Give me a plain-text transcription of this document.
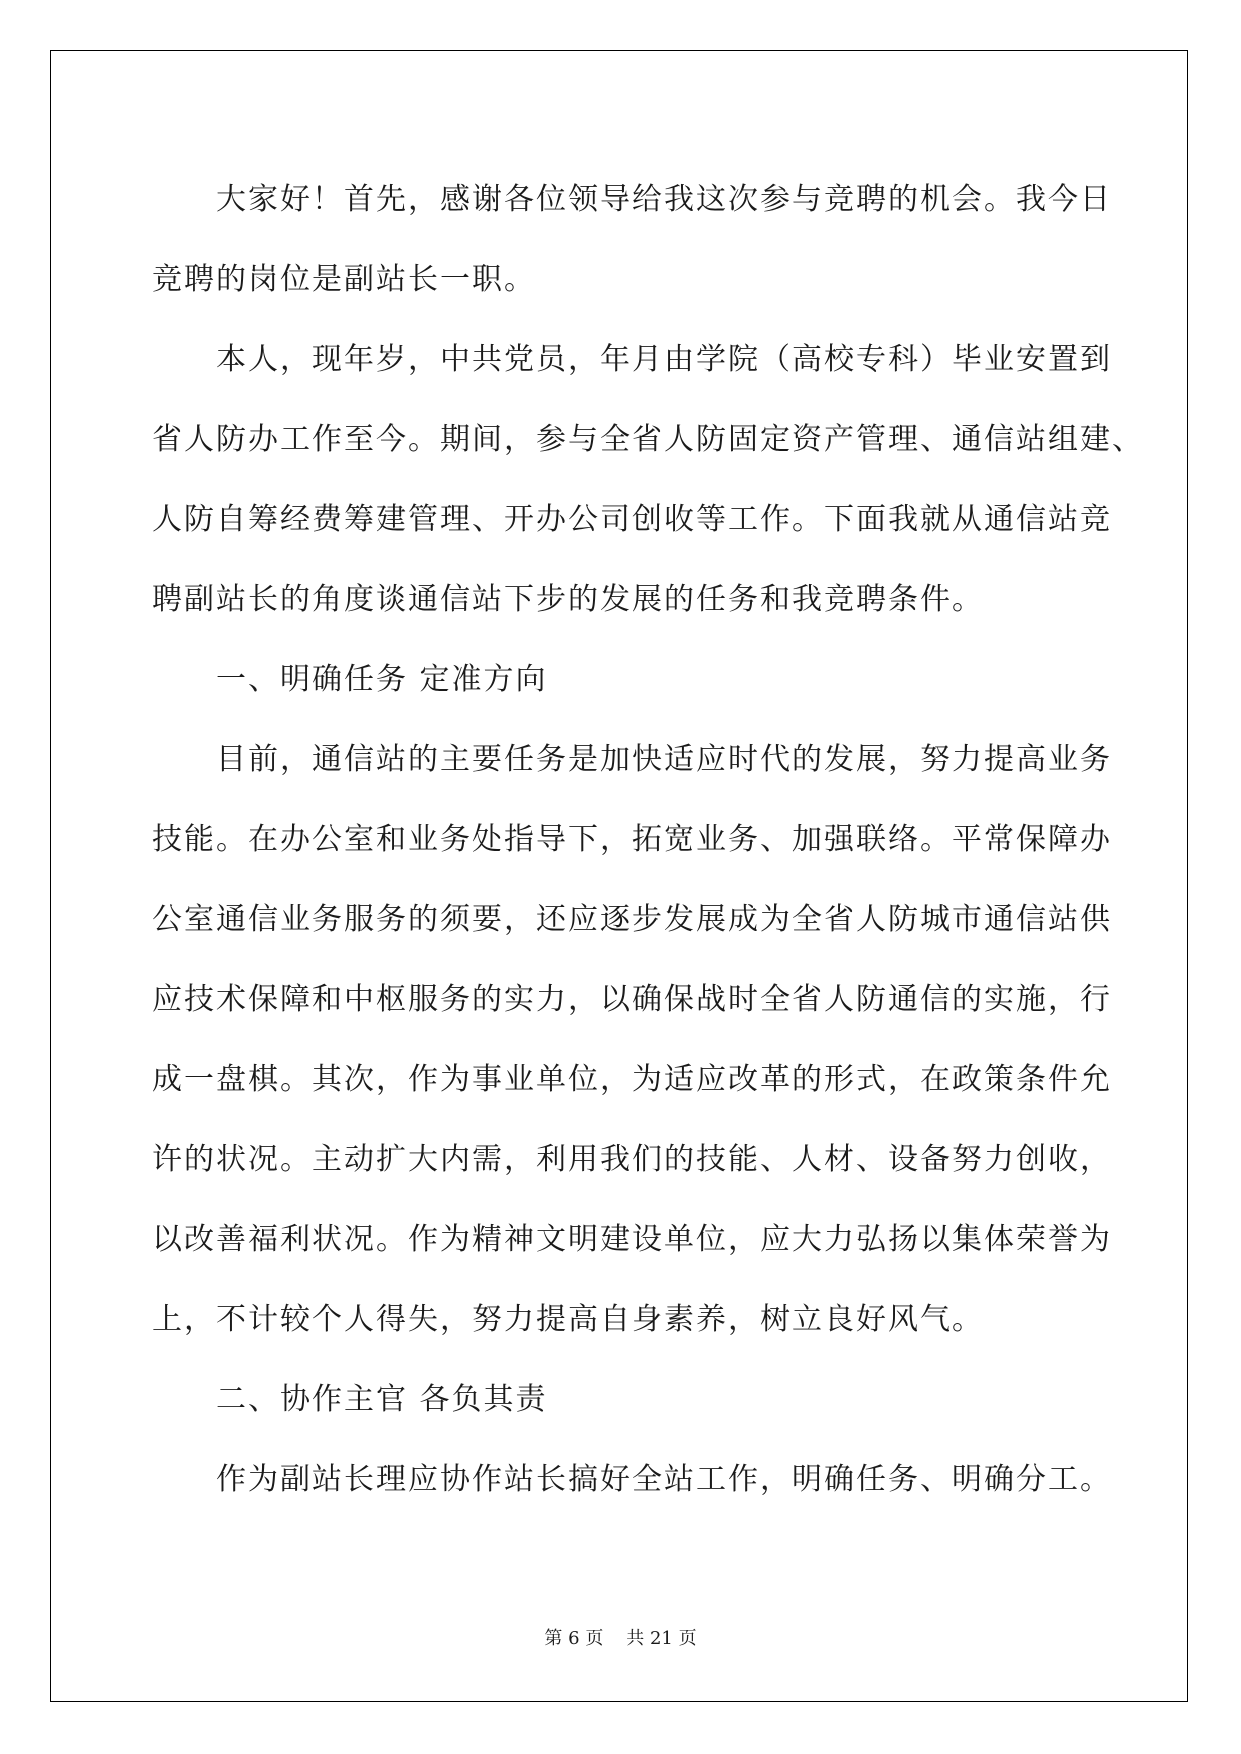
大家好！首先，感谢各位领导给我这次参与竞聘的机会。我今日
竞聘的岗位是副站长一职。
本人，现年岁，中共党员，年月由学院（高校专科）毕业安置到
省人防办工作至今。期间，参与全省人防固定资产管理、通信站组建、
人防自筹经费筹建管理、开办公司创收等工作。下面我就从通信站竞
聘副站长的角度谈通信站下步的发展的任务和我竞聘条件。
一、明确任务 定准方向
目前，通信站的主要任务是加快适应时代的发展，努力提高业务
技能。在办公室和业务处指导下，拓宽业务、加强联络。平常保障办
公室通信业务服务的须要，还应逐步发展成为全省人防城市通信站供
应技术保障和中枢服务的实力，以确保战时全省人防通信的实施，行
成一盘棋。其次，作为事业单位，为适应改革的形式，在政策条件允
许的状况。主动扩大内需，利用我们的技能、人材、设备努力创收，
以改善福利状况。作为精神文明建设单位，应大力弘扬以集体荣誉为
上，不计较个人得失，努力提高自身素养，树立良好风气。
二、协作主官 各负其责
作为副站长理应协作站长搞好全站工作，明确任务、明确分工。
第 6 页 共 21 页
